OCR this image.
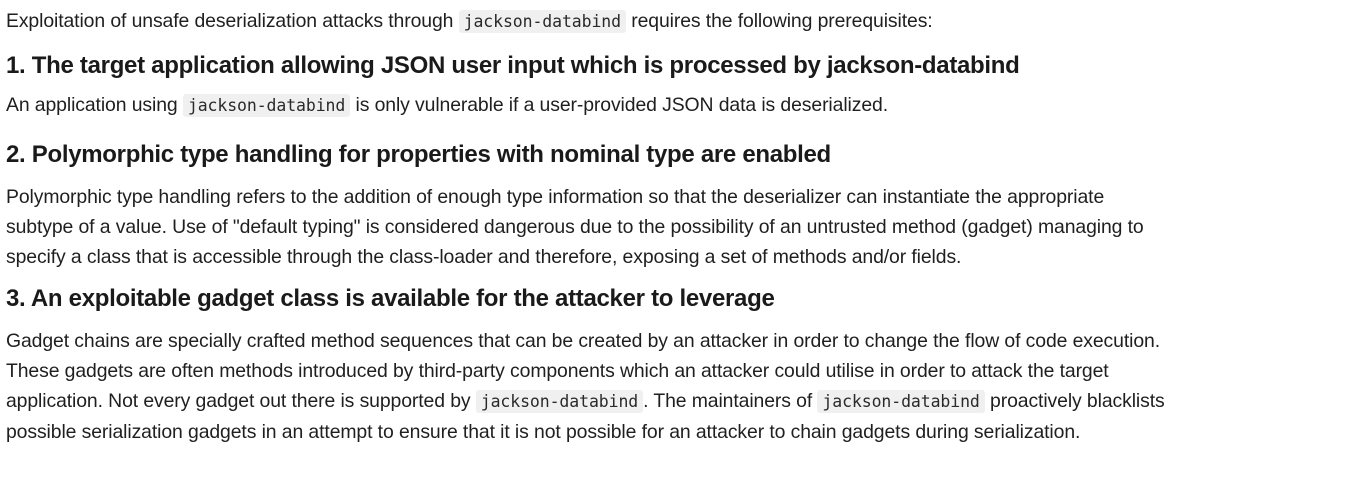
Exploitation of unsafe deserialization attacks through jackson-databind requires the following prerequisites:

1. The target application allowing JSON user input which is processed by jackson-databind

An application using jackson-databind is only vulnerable if a user-provided JSON data is deserialized.

2. Polymorphic type handling for properties with nominal type are enabled

Polymorphic type handling refers to the addition of enough type information so that the deserializer can instantiate the appropriate
subtype of a value. Use of "default typing" is considered dangerous due to the possibility of an untrusted method (gadget) managing to
specify a class that is accessible through the class-loader and therefore, exposing a set of methods and/or fields.

3. An exploitable gadget class is available for the attacker to leverage

Gadget chains are specially crafted method sequences that can be created by an attacker in order to change the flow of code execution.
These gadgets are often methods introduced by third-party components which an attacker could utilise in order to attack the target
application. Not every gadget out there is supported by jackson-databind . The maintainers of jackson-databind proactively blacklists
possible serialization gadgets in an attempt to ensure that it is not possible for an attacker to chain gadgets during serialization.
